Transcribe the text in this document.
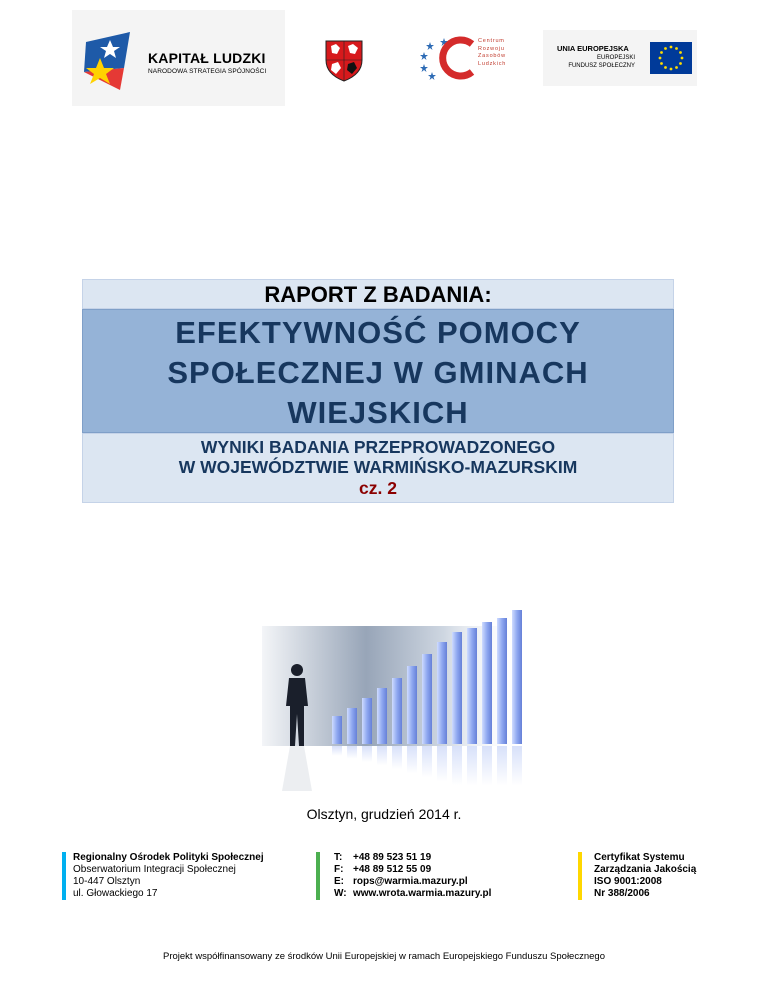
KAPITAŁ LUDZKI
NARODOWA STRATEGIA SPÓJNOŚCI
Centrum
Rozwoju
Zasobów
Ludzkich
UNIA EUROPEJSKA
EUROPEJSKI
FUNDUSZ SPOŁECZNY
RAPORT Z BADANIA:
EFEKTYWNOŚĆ POMOCY
SPOŁECZNEJ W GMINACH
WIEJSKICH
WYNIKI BADANIA PRZEPROWADZONEGO
W WOJEWÓDZTWIE WARMIŃSKO-MAZURSKIM
cz. 2
Olsztyn, grudzień 2014 r.
Regionalny Ośrodek Polityki Społecznej
Obserwatorium Integracji Społecznej
10-447 Olsztyn
ul. Głowackiego 17
T: +48 89 523 51 19
F: +48 89 512 55 09
E: rops@warmia.mazury.pl
W: www.wrota.warmia.mazury.pl
Certyfikat Systemu
Zarządzania Jakością
ISO 9001:2008
Nr 388/2006
Projekt współfinansowany ze środków Unii Europejskiej w ramach Europejskiego Funduszu Społecznego
